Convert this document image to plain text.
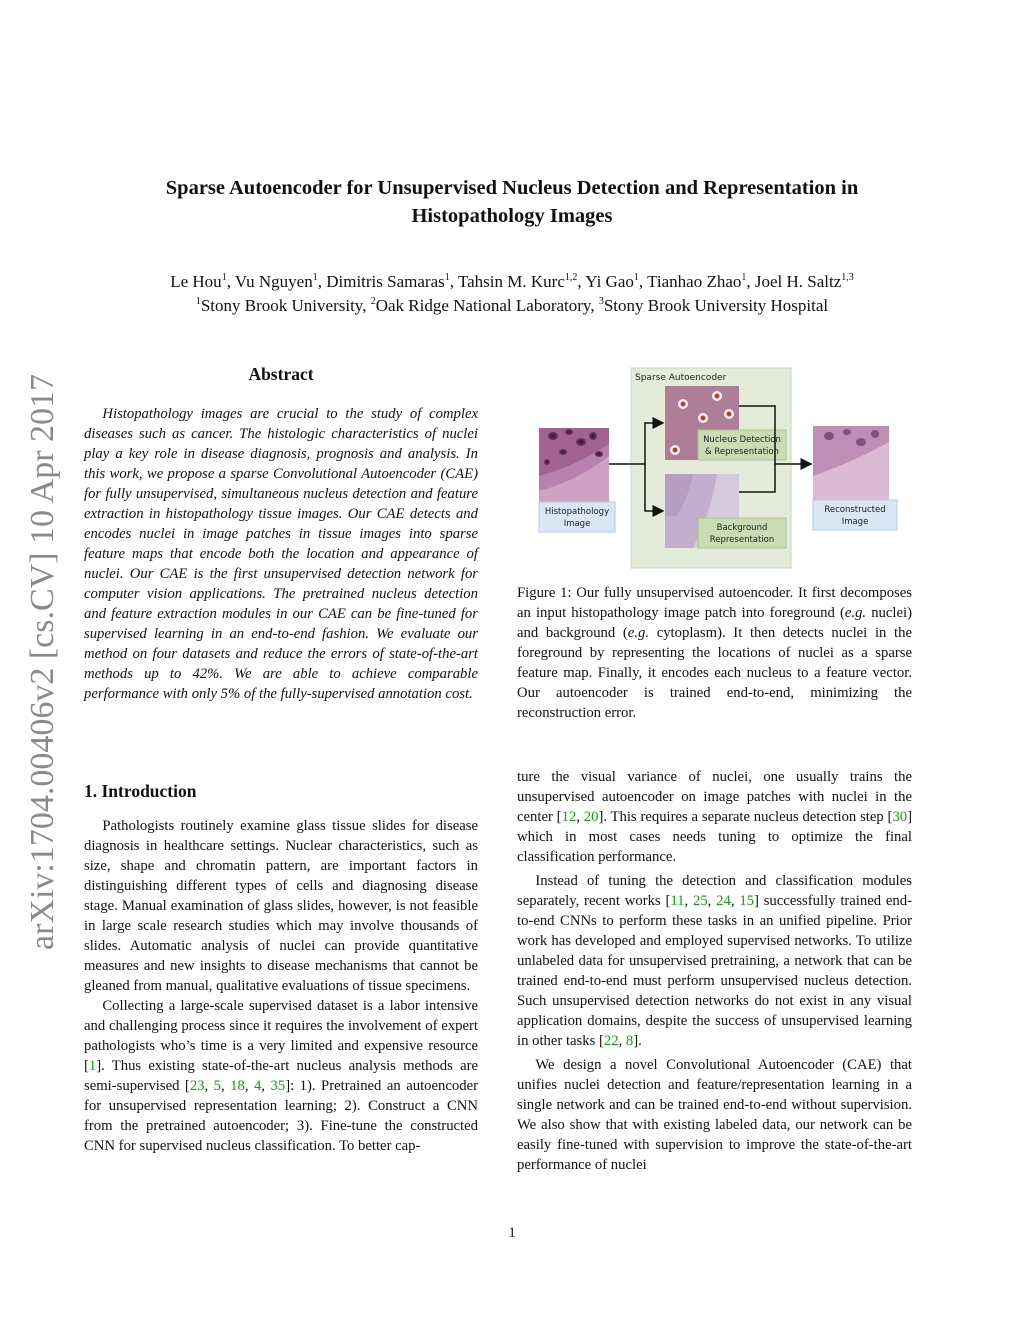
arXiv:1704.00406v2 [cs.CV] 10 Apr 2017
Sparse Autoencoder for Unsupervised Nucleus Detection and Representation in
Histopathology Images
Le Hou$^1$, Vu Nguyen$^1$, Dimitris Samaras$^1$, Tahsin M. Kurc$^{1,2}$, Yi Gao$^1$, Tianhao Zhao$^1$, Joel H. Saltz$^{1,3}$
$^1$Stony Brook University, $^2$Oak Ridge National Laboratory, $^3$Stony Brook University Hospital
Abstract

Histopathology images are crucial to the study of complex diseases such as cancer. The histologic characteristics of nuclei play a key role in disease diagnosis, prognosis and analysis. In this work, we propose a sparse Convolutional Autoencoder (CAE) for fully unsupervised, simultaneous nucleus detection and feature extraction in histopathology tissue images. Our CAE detects and encodes nuclei in image patches in tissue images into sparse feature maps that encode both the location and appearance of nuclei. Our CAE is the first unsupervised detection network for computer vision applications. The pretrained nucleus detection and feature extraction modules in our CAE can be fine-tuned for supervised learning in an end-to-end fashion. We evaluate our method on four datasets and reduce the errors of state-of-the-art methods up to 42%. We are able to achieve comparable performance with only 5% of the fully-supervised annotation cost.

1. Introduction

Pathologists routinely examine glass tissue slides for disease diagnosis in healthcare settings. Nuclear characteristics, such as size, shape and chromatin pattern, are important factors in distinguishing different types of cells and diagnosing disease stage. Manual examination of glass slides, however, is not feasible in large scale research studies which may involve thousands of slides. Automatic analysis of nuclei can provide quantitative measures and new insights to disease mechanisms that cannot be gleaned from manual, qualitative evaluations of tissue specimens.

Collecting a large-scale supervised dataset is a labor intensive and challenging process since it requires the involvement of expert pathologists who’s time is a very limited and expensive resource [1]. Thus existing state-of-the-art nucleus analysis methods are semi-supervised [23, 5, 18, 4, 35]: 1). Pretrained an autoencoder for unsupervised representation learning; 2). Construct a CNN from the pretrained autoencoder; 3). Fine-tune the constructed CNN for supervised nucleus classification. To better cap-

Sparse Autoencoder
Histopathology
Image
Nucleus Detection
& Representation
Background
Representation
Reconstructed
Image
Figure 1: Our fully unsupervised autoencoder. It first decomposes an input histopathology image patch into foreground (e.g. nuclei) and background (e.g. cytoplasm). It then detects nuclei in the foreground by representing the locations of nuclei as a sparse feature map. Finally, it encodes each nucleus to a feature vector. Our autoencoder is trained end-to-end, minimizing the reconstruction error.

ture the visual variance of nuclei, one usually trains the unsupervised autoencoder on image patches with nuclei in the center [12, 20]. This requires a separate nucleus detection step [30] which in most cases needs tuning to optimize the final classification performance.

Instead of tuning the detection and classification modules separately, recent works [11, 25, 24, 15] successfully trained end-to-end CNNs to perform these tasks in an unified pipeline. Prior work has developed and employed supervised networks. To utilize unlabeled data for unsupervised pretraining, a network that can be trained end-to-end must perform unsupervised nucleus detection. Such unsupervised detection networks do not exist in any visual application domains, despite the success of unsupervised learning in other tasks [22, 8].

We design a novel Convolutional Autoencoder (CAE) that unifies nuclei detection and feature/representation learning in a single network and can be trained end-to-end without supervision. We also show that with existing labeled data, our network can be easily fine-tuned with supervision to improve the state-of-the-art performance of nuclei

1
